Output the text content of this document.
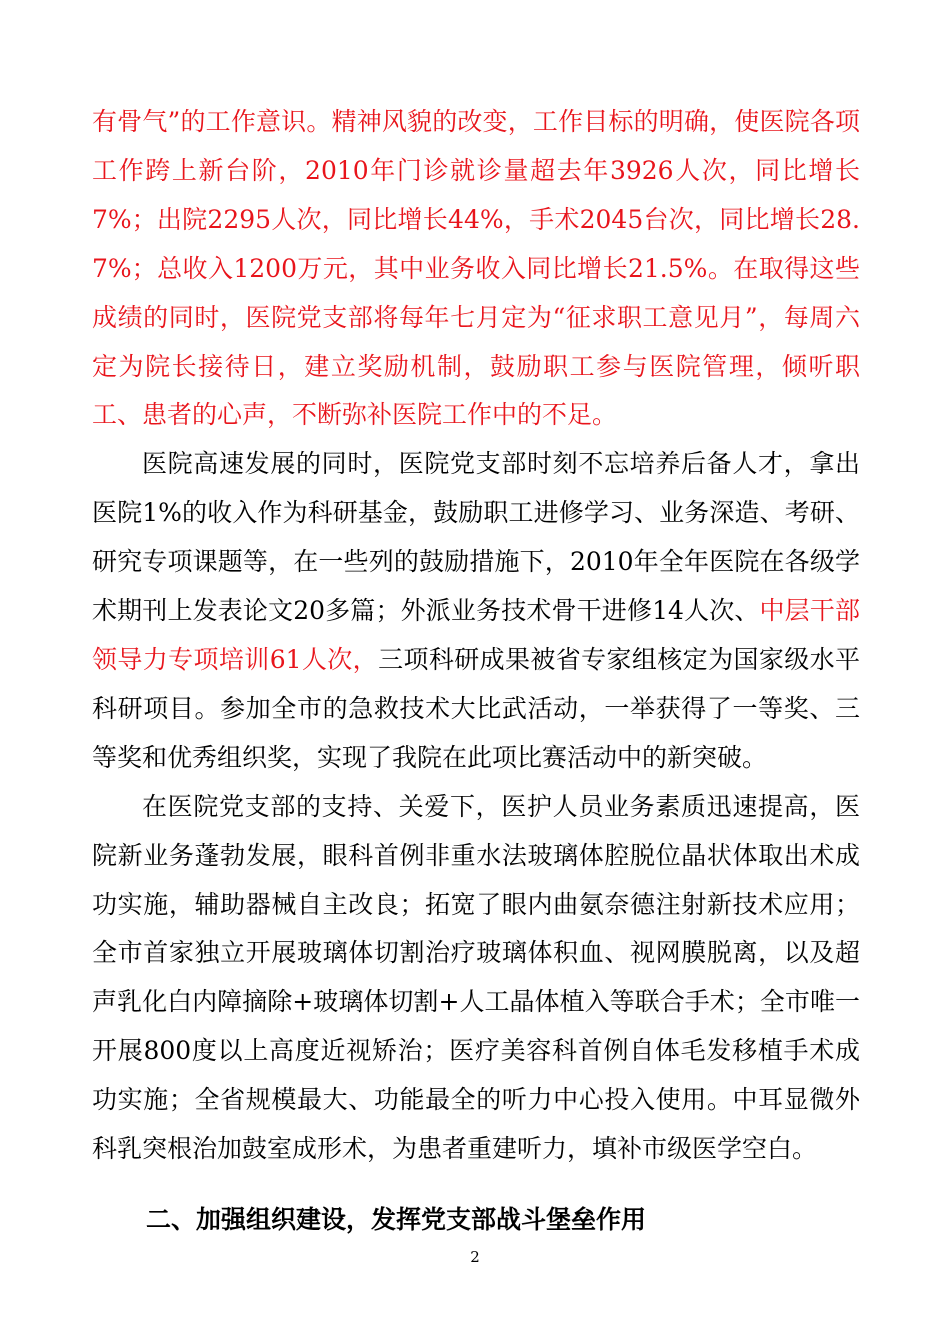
有骨气”的工作意识。精神风貌的改变，工作目标的明确，使医院各项工作跨上新台阶，2010年门诊就诊量超去年3926人次，同比增长7%；出院2295人次，同比增长44%，手术2045台次，同比增长28.7%；总收入1200万元，其中业务收入同比增长21.5%。在取得这些成绩的同时，医院党支部将每年七月定为“征求职工意见月”，每周六定为院长接待日，建立奖励机制，鼓励职工参与医院管理，倾听职工、患者的心声，不断弥补医院工作中的不足。

医院高速发展的同时，医院党支部时刻不忘培养后备人才，拿出医院1%的收入作为科研基金，鼓励职工进修学习、业务深造、考研、研究专项课题等，在一些列的鼓励措施下，2010年全年医院在各级学术期刊上发表论文20多篇；外派业务技术骨干进修14人次、中层干部领导力专项培训61人次，三项科研成果被省专家组核定为国家级水平科研项目。参加全市的急救技术大比武活动，一举获得了一等奖、三等奖和优秀组织奖，实现了我院在此项比赛活动中的新突破。

在医院党支部的支持、关爱下，医护人员业务素质迅速提高，医院新业务蓬勃发展，眼科首例非重水法玻璃体腔脱位晶状体取出术成功实施，辅助器械自主改良；拓宽了眼内曲氨奈德注射新技术应用；全市首家独立开展玻璃体切割治疗玻璃体积血、视网膜脱离，以及超声乳化白内障摘除+玻璃体切割+人工晶体植入等联合手术；全市唯一开展800度以上高度近视矫治；医疗美容科首例自体毛发移植手术成功实施；全省规模最大、功能最全的听力中心投入使用。中耳显微外科乳突根治加鼓室成形术，为患者重建听力，填补市级医学空白。

二、加强组织建设，发挥党支部战斗堡垒作用
2
